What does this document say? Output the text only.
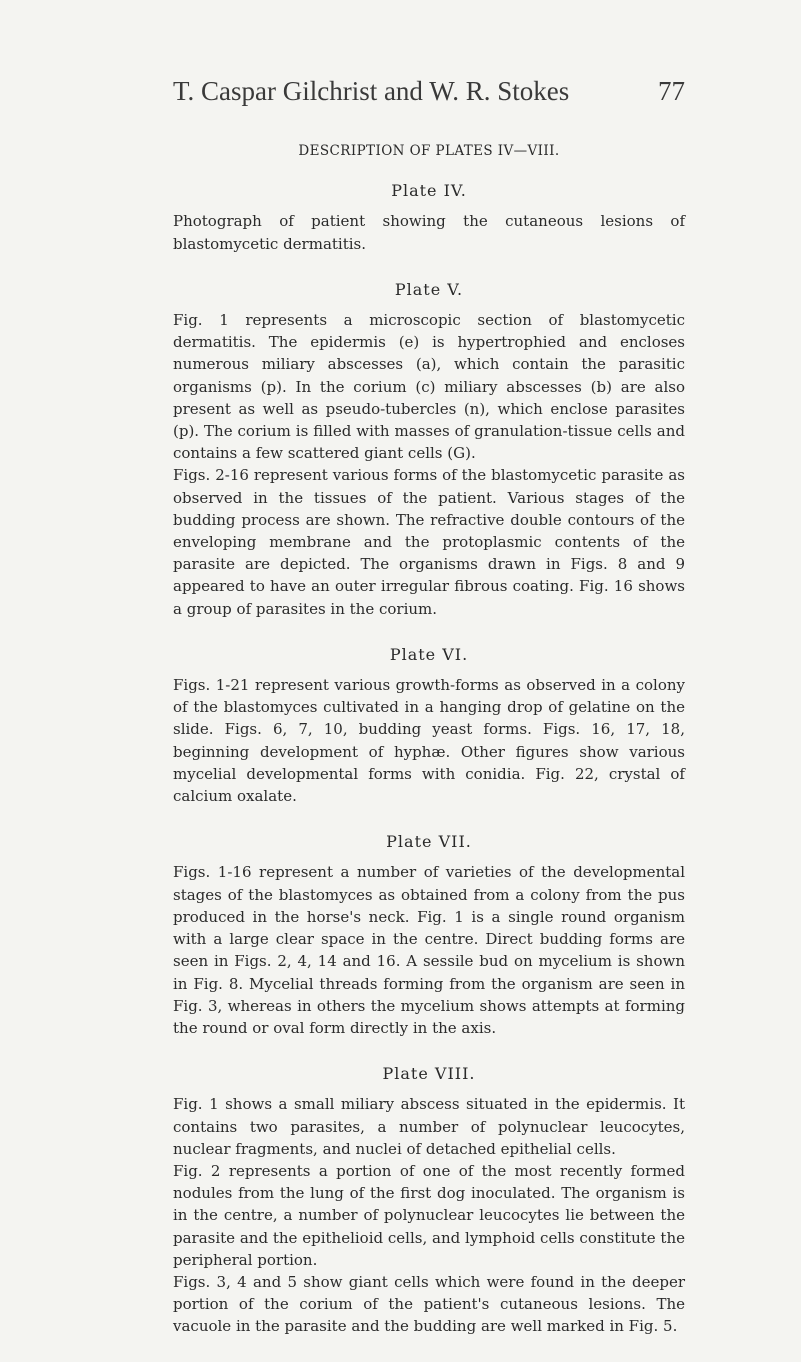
T. Caspar Gilchrist and W. R. Stokes	77
DESCRIPTION OF PLATES IV—VIII.
Plate IV.

Photograph of patient showing the cutaneous lesions of blastomycetic dermatitis.

Plate V.

Fig. 1 represents a microscopic section of blastomycetic dermatitis. The epidermis (e) is hypertrophied and encloses numerous miliary abscesses (a), which contain the parasitic organisms (p). In the corium (c) miliary abscesses (b) are also present as well as pseudo-tubercles (n), which enclose parasites (p). The corium is filled with masses of granulation-tissue cells and contains a few scattered giant cells (G).

Figs. 2-16 represent various forms of the blastomycetic parasite as observed in the tissues of the patient. Various stages of the budding process are shown. The refractive double contours of the enveloping membrane and the protoplasmic contents of the parasite are depicted. The organisms drawn in Figs. 8 and 9 appeared to have an outer irregular fibrous coating. Fig. 16 shows a group of parasites in the corium.

Plate VI.

Figs. 1-21 represent various growth-forms as observed in a colony of the blastomyces cultivated in a hanging drop of gelatine on the slide. Figs. 6, 7, 10, budding yeast forms. Figs. 16, 17, 18, beginning development of hyphæ. Other figures show various mycelial developmental forms with conidia. Fig. 22, crystal of calcium oxalate.

Plate VII.

Figs. 1-16 represent a number of varieties of the developmental stages of the blastomyces as obtained from a colony from the pus produced in the horse's neck. Fig. 1 is a single round organism with a large clear space in the centre. Direct budding forms are seen in Figs. 2, 4, 14 and 16. A sessile bud on mycelium is shown in Fig. 8. Mycelial threads forming from the organism are seen in Fig. 3, whereas in others the mycelium shows attempts at forming the round or oval form directly in the axis.

Plate VIII.

Fig. 1 shows a small miliary abscess situated in the epidermis. It contains two parasites, a number of polynuclear leucocytes, nuclear fragments, and nuclei of detached epithelial cells.

Fig. 2 represents a portion of one of the most recently formed nodules from the lung of the first dog inoculated. The organism is in the centre, a number of polynuclear leucocytes lie between the parasite and the epithelioid cells, and lymphoid cells constitute the peripheral portion.

Figs. 3, 4 and 5 show giant cells which were found in the deeper portion of the corium of the patient's cutaneous lesions. The vacuole in the parasite and the budding are well marked in Fig. 5.
